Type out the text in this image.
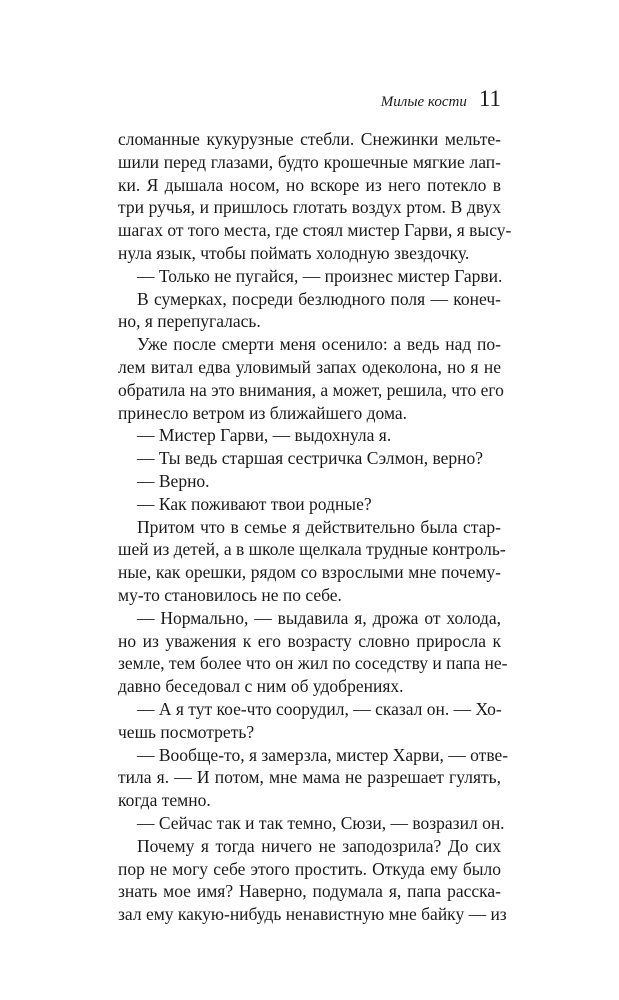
Милые кости 11
сломанные кукурузные стебли. Снежинки мельте-
шили перед глазами, будто крошечные мягкие лап-
ки. Я дышала носом, но вскоре из него потекло в
три ручья, и пришлось глотать воздух ртом. В двух
шагах от того места, где стоял мистер Гарви, я высу-
нула язык, чтобы поймать холодную звездочку.
— Только не пугайся, — произнес мистер Гарви.
В сумерках, посреди безлюдного поля — конеч-
но, я перепугалась.
Уже после смерти меня осенило: а ведь над по-
лем витал едва уловимый запах одеколона, но я не
обратила на это внимания, а может, решила, что его
принесло ветром из ближайшего дома.
— Мистер Гарви, — выдохнула я.
— Ты ведь старшая сестричка Сэлмон, верно?
— Верно.
— Как поживают твои родные?
Притом что в семье я действительно была стар-
шей из детей, а в школе щелкала трудные контроль-
ные, как орешки, рядом со взрослыми мне почему-
му-то становилось не по себе.
— Нормально, — выдавила я, дрожа от холода,
но из уважения к его возрасту словно приросла к
земле, тем более что он жил по соседству и папа не-
давно беседовал с ним об удобрениях.
— А я тут кое-что соорудил, — сказал он. — Хо-
чешь посмотреть?
— Вообще-то, я замерзла, мистер Харви, — отве-
тила я. — И потом, мне мама не разрешает гулять,
когда темно.
— Сейчас так и так темно, Сюзи, — возразил он.
Почему я тогда ничего не заподозрила? До сих
пор не могу себе этого простить. Откуда ему было
знать мое имя? Наверно, подумала я, папа расска-
зал ему какую-нибудь ненавистную мне байку — из
